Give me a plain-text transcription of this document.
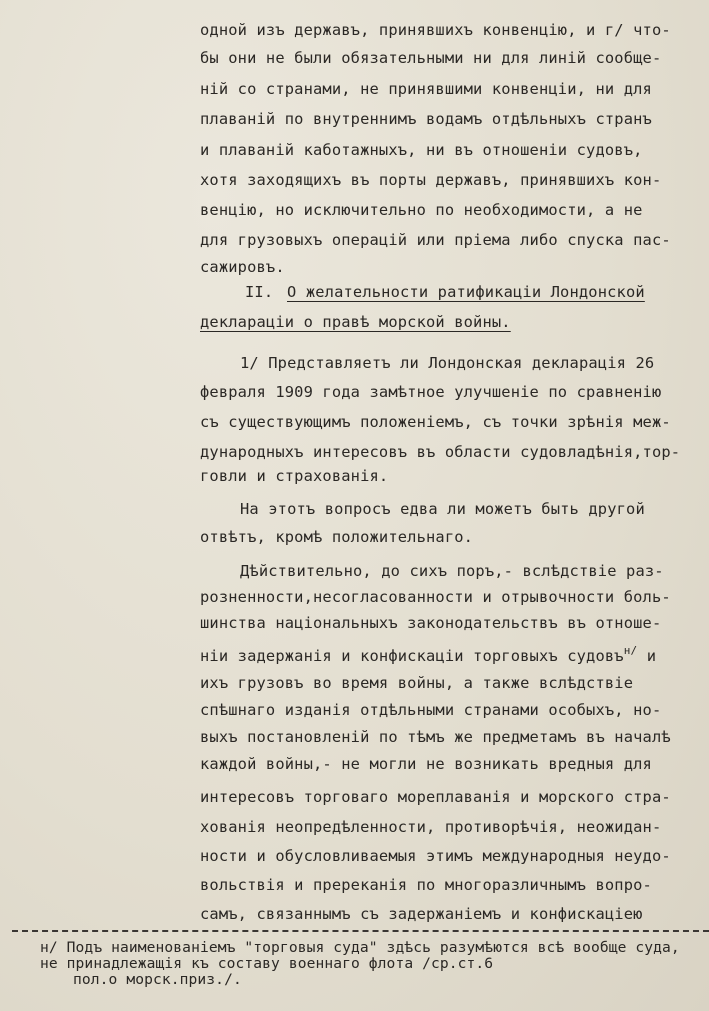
одной изъ державъ, принявшихъ конвенцію, и г/ чтo-
бы они не были обязательными ни для линій сообще-
ній со странами, не принявшими конвенціи, ни для
плаваній по внутреннимъ водамъ отдѣльныхъ странъ
и плаваній каботажныхъ, ни въ отношеніи судовъ,
хотя заходящихъ въ порты державъ, принявшихъ кон-
венцію, но исключительно по необходимости, а не
для грузовыхъ операцій или пріема либо спуска пас-
сажировъ.
II. О желательности ратификаціи Лондонской
декларацiи о правѣ морской войны.
1/ Представляетъ ли Лондонская декларація 26
февраля 1909 года замѣтное улучшеніе по сравненію
съ существующимъ положеніемъ, съ точки зрѣнія меж-
дународныхъ интересовъ въ области судовладѣнія,тор-
говли и страхованія.
На этотъ вопросъ едва ли можетъ быть другой
отвѣтъ, кромѣ положительнаго.
Дѣйствительно, до сихъ поръ,- вслѣдствіе раз-
розненности,несогласованности и отрывочности боль-
шинства національныхъ законодательствъ въ отноше-
ніи задержанія и конфискаціи торговыхъ судовъ$^{н/}$ и
ихъ грузовъ во время войны, а также вслѣдствіе
спѣшнаго изданія отдѣльными странами особыхъ, но-
выхъ постановленій по тѣмъ же предметамъ въ началѣ
каждой войны,- не могли не возникать вредныя для
интересовъ торговаго мореплаванія и морского стра-
хованія неопредѣленности, противорѣчія, неожидан-
ности и обусловливаемыя этимъ международныя неудо-
вольствія и пререканія по многоразличнымъ вопро-
самъ, связаннымъ съ задержаніемъ и конфискаціею
н/ Подъ наименованіемъ "торговыя суда" здѣсь разумѣются всѣ вообще суда, не принадлежащія къ составу военнаго флота /ср.ст.6
пол.о морск.приз./.
